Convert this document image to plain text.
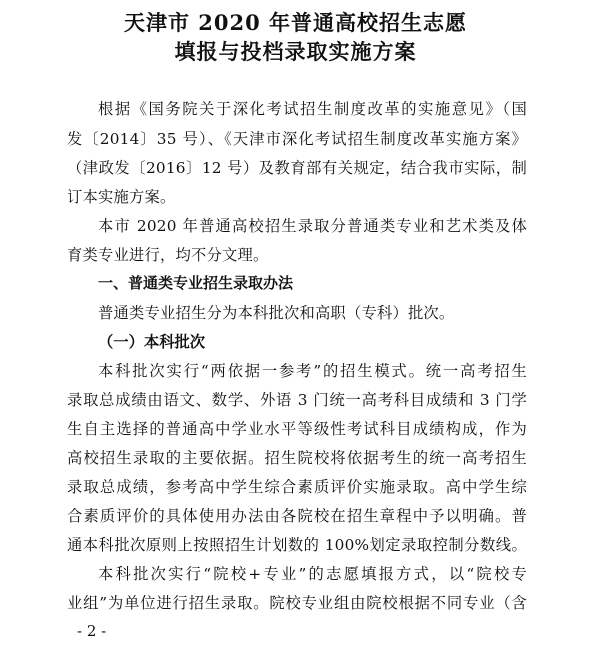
天津市 2020 年普通高校招生志愿
填报与投档录取实施方案
根据《国务院关于深化考试招生制度改革的实施意见》（国
发〔2014〕35 号）、《天津市深化考试招生制度改革实施方案》
（津政发〔2016〕12 号）及教育部有关规定，结合我市实际，制
订本实施方案。
本市 2020 年普通高校招生录取分普通类专业和艺术类及体
育类专业进行，均不分文理。
一、普通类专业招生录取办法
普通类专业招生分为本科批次和高职（专科）批次。
（一）本科批次
本科批次实行“两依据一参考”的招生模式。统一高考招生
录取总成绩由语文、数学、外语 3 门统一高考科目成绩和 3 门学
生自主选择的普通高中学业水平等级性考试科目成绩构成，作为
高校招生录取的主要依据。招生院校将依据考生的统一高考招生
录取总成绩，参考高中学生综合素质评价实施录取。高中学生综
合素质评价的具体使用办法由各院校在招生章程中予以明确。普
通本科批次原则上按照招生计划数的 100%划定录取控制分数线。
本科批次实行“院校+专业”的志愿填报方式，以“院校专
业组”为单位进行招生录取。院校专业组由院校根据不同专业（含
- 2 -
